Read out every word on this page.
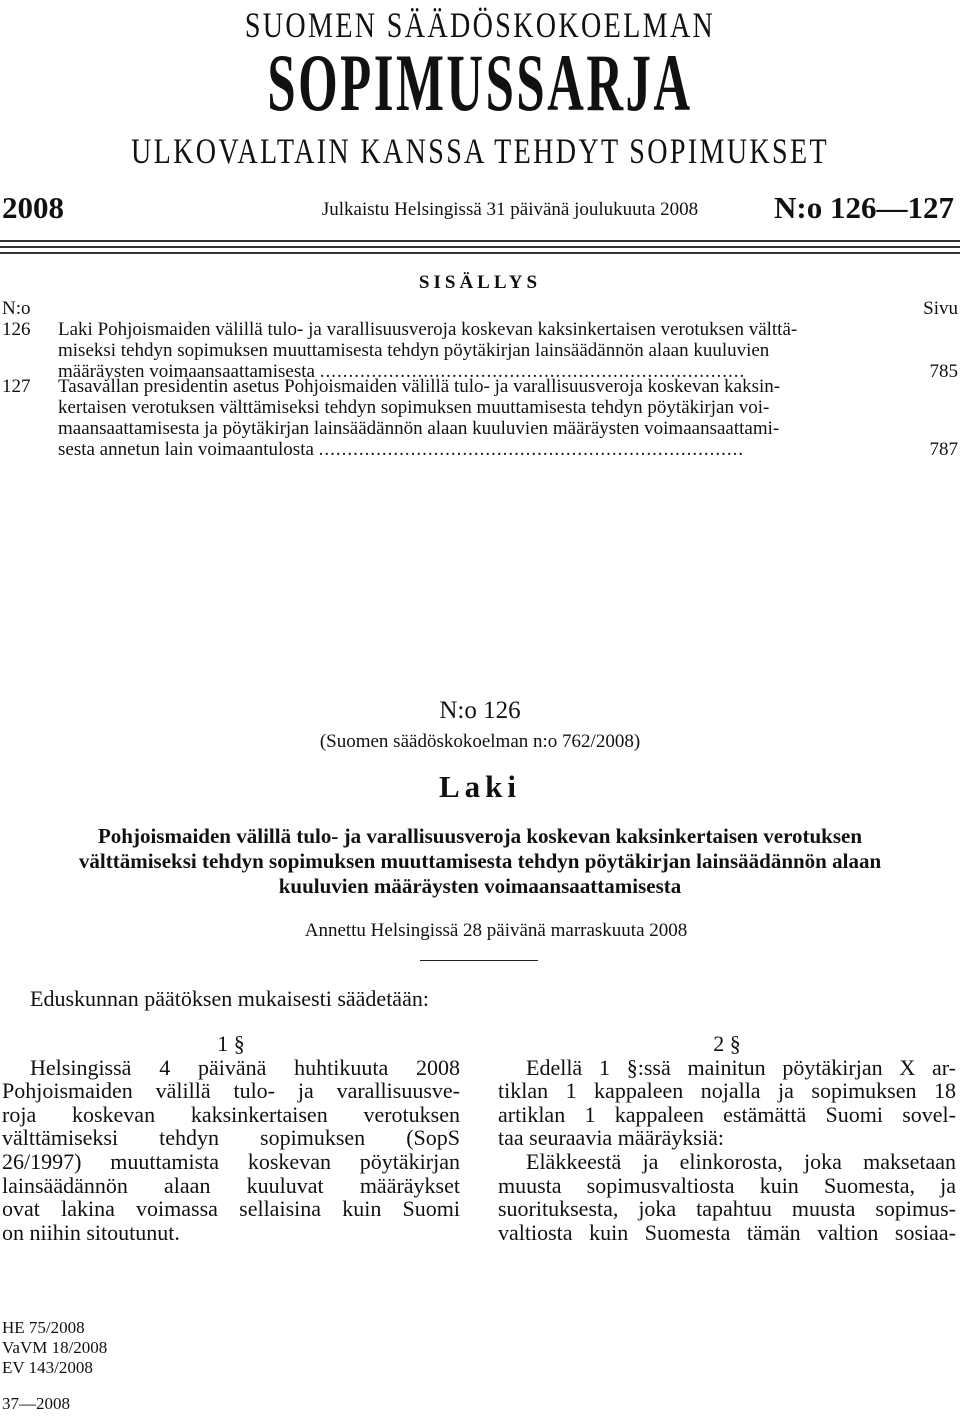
SUOMEN SÄÄDÖSKOKOELMAN
SOPIMUSSARJA
ULKOVALTAIN KANSSA TEHDYT SOPIMUKSET
2008	Julkaistu Helsingissä 31 päivänä joulukuuta 2008	N:o 126—127
SISÄLLYS
N:o	Sivu
126 Laki Pohjoismaiden välillä tulo- ja varallisuusveroja koskevan kaksinkertaisen verotuksen välttä-
miseksi tehdyn sopimuksen muuttamisesta tehdyn pöytäkirjan lainsäädännön alaan kuuluvien
määräysten voimaansaattamisesta ..........................................................................	785
127 Tasavallan presidentin asetus Pohjoismaiden välillä tulo- ja varallisuusveroja koskevan kaksin-
kertaisen verotuksen välttämiseksi tehdyn sopimuksen muuttamisesta tehdyn pöytäkirjan voi-
maansaattamisesta ja pöytäkirjan lainsäädännön alaan kuuluvien määräysten voimaansaattami-
sesta annetun lain voimaantulosta ..........................................................................	787
N:o 126
(Suomen säädöskokoelman n:o 762/2008)
Laki
Pohjoismaiden välillä tulo- ja varallisuusveroja koskevan kaksinkertaisen verotuksen
välttämiseksi tehdyn sopimuksen muuttamisesta tehdyn pöytäkirjan lainsäädännön alaan
kuuluvien määräysten voimaansaattamisesta
Annettu Helsingissä 28 päivänä marraskuuta 2008
Eduskunnan päätöksen mukaisesti säädetään:
1 §
Helsingissä 4 päivänä huhtikuuta 2008
Pohjoismaiden välillä tulo- ja varallisuusve-
roja koskevan kaksinkertaisen verotuksen
välttämiseksi tehdyn sopimuksen (SopS
26/1997) muuttamista koskevan pöytäkirjan
lainsäädännön alaan kuuluvat määräykset
ovat lakina voimassa sellaisina kuin Suomi
on niihin sitoutunut.
2 §
Edellä 1 §:ssä mainitun pöytäkirjan X ar-
tiklan 1 kappaleen nojalla ja sopimuksen 18
artiklan 1 kappaleen estämättä Suomi sovel-
taa seuraavia määräyksiä:
Eläkkeestä ja elinkorosta, joka maksetaan
muusta sopimusvaltiosta kuin Suomesta, ja
suorituksesta, joka tapahtuu muusta sopimus-
valtiosta kuin Suomesta tämän valtion sosiaa-
HE 75/2008
VaVM 18/2008
EV 143/2008
37—2008
